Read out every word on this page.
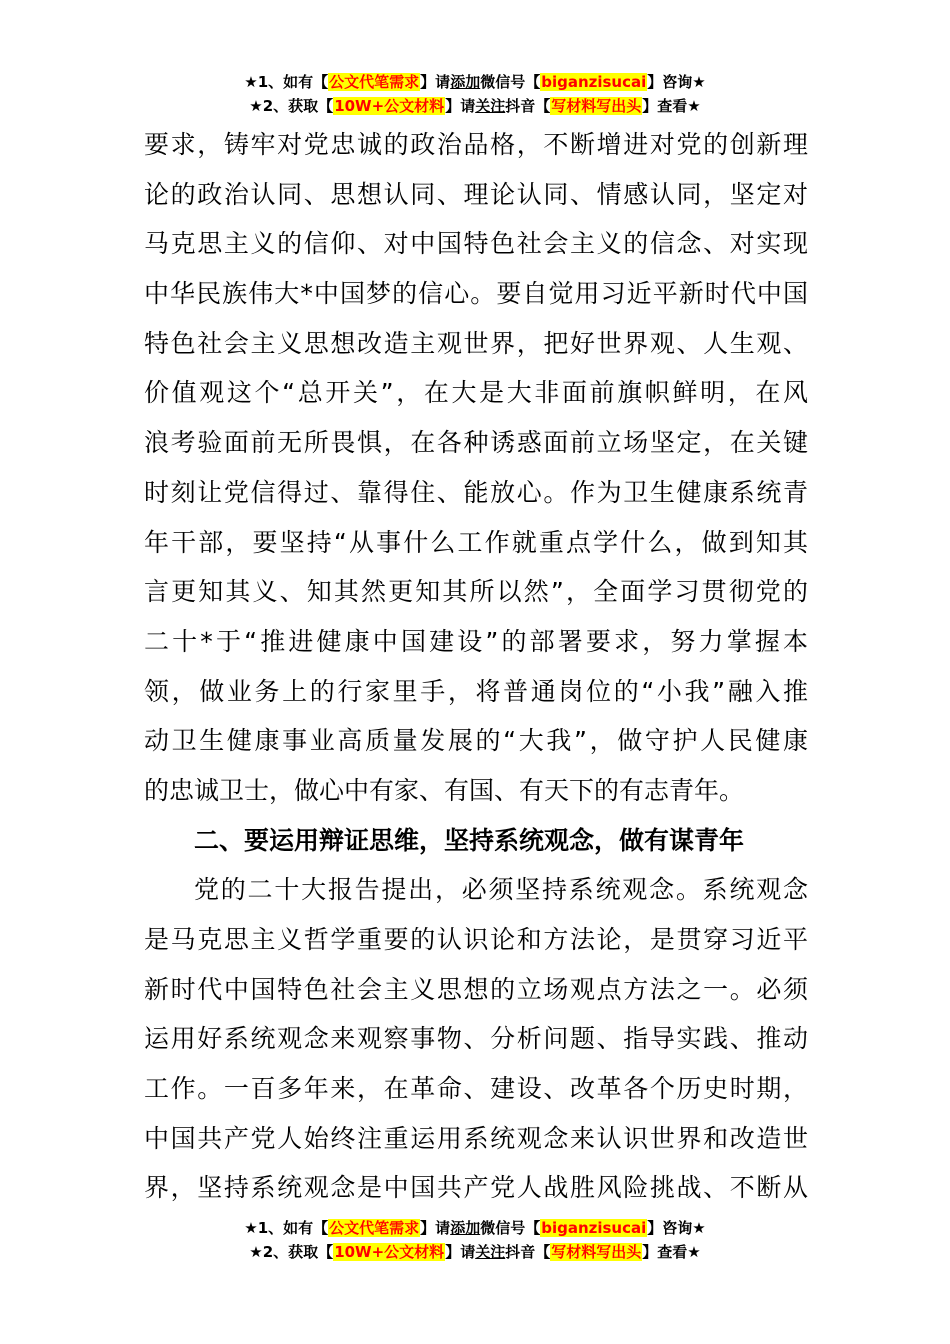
★1、如有【公文代笔需求】请添加微信号【biganzisucai】咨询★
★2、获取【10W+公文材料】请关注抖音【写材料写出头】查看★
要求，铸牢对党忠诚的政治品格，不断增进对党的创新理
论的政治认同、思想认同、理论认同、情感认同，坚定对
马克思主义的信仰、对中国特色社会主义的信念、对实现
中华民族伟大*中国梦的信心。要自觉用习近平新时代中国
特色社会主义思想改造主观世界，把好世界观、人生观、
价值观这个“总开关”，在大是大非面前旗帜鲜明，在风
浪考验面前无所畏惧，在各种诱惑面前立场坚定，在关键
时刻让党信得过、靠得住、能放心。作为卫生健康系统青
年干部，要坚持“从事什么工作就重点学什么，做到知其
言更知其义、知其然更知其所以然”，全面学习贯彻党的
二十*于“推进健康中国建设”的部署要求，努力掌握本
领，做业务上的行家里手，将普通岗位的“小我”融入推
动卫生健康事业高质量发展的“大我”，做守护人民健康
的忠诚卫士，做心中有家、有国、有天下的有志青年。
二、要运用辩证思维，坚持系统观念，做有谋青年
党的二十大报告提出，必须坚持系统观念。系统观念
是马克思主义哲学重要的认识论和方法论，是贯穿习近平
新时代中国特色社会主义思想的立场观点方法之一。必须
运用好系统观念来观察事物、分析问题、指导实践、推动
工作。一百多年来，在革命、建设、改革各个历史时期，
中国共产党人始终注重运用系统观念来认识世界和改造世
界，坚持系统观念是中国共产党人战胜风险挑战、不断从
★1、如有【公文代笔需求】请添加微信号【biganzisucai】咨询★
★2、获取【10W+公文材料】请关注抖音【写材料写出头】查看★
